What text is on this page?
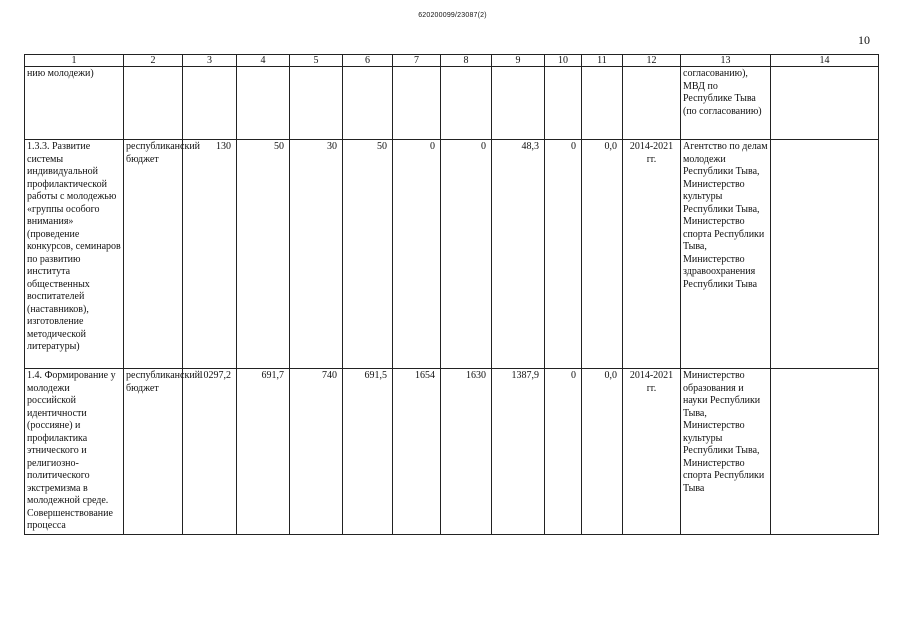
620200099/23087(2)
10
1	2	3	4	5	6	7	8	9	10	11	12	13	14
нию молодежи)												согласованию), МВД по Республике Тыва (по согласованию)	
1.3.3. Развитие системы индивидуальной профилактической работы с молодежью «группы особого внимания» (проведение конкурсов, семинаров по развитию института общественных воспитателей (наставников), изготовление методической литературы)	республиканский бюджет	130	50	30	50	0	0	48,3	0	0,0	2014-2021 гг.	Агентство по делам молодежи Республики Тыва, Министерство культуры Республики Тыва, Министерство спорта Республики Тыва, Министерство здравоохранения Республики Тыва	
1.4. Формирование у молодежи российской идентичности (россияне) и профилактика этнического и религиозно-политического экстремизма в молодежной среде. Совершенствование процесса	республиканский бюджет	10297,2	691,7	740	691,5	1654	1630	1387,9	0	0,0	2014-2021 гг.	Министерство образования и науки Республики Тыва, Министерство культуры Республики Тыва, Министерство спорта Республики Тыва	
